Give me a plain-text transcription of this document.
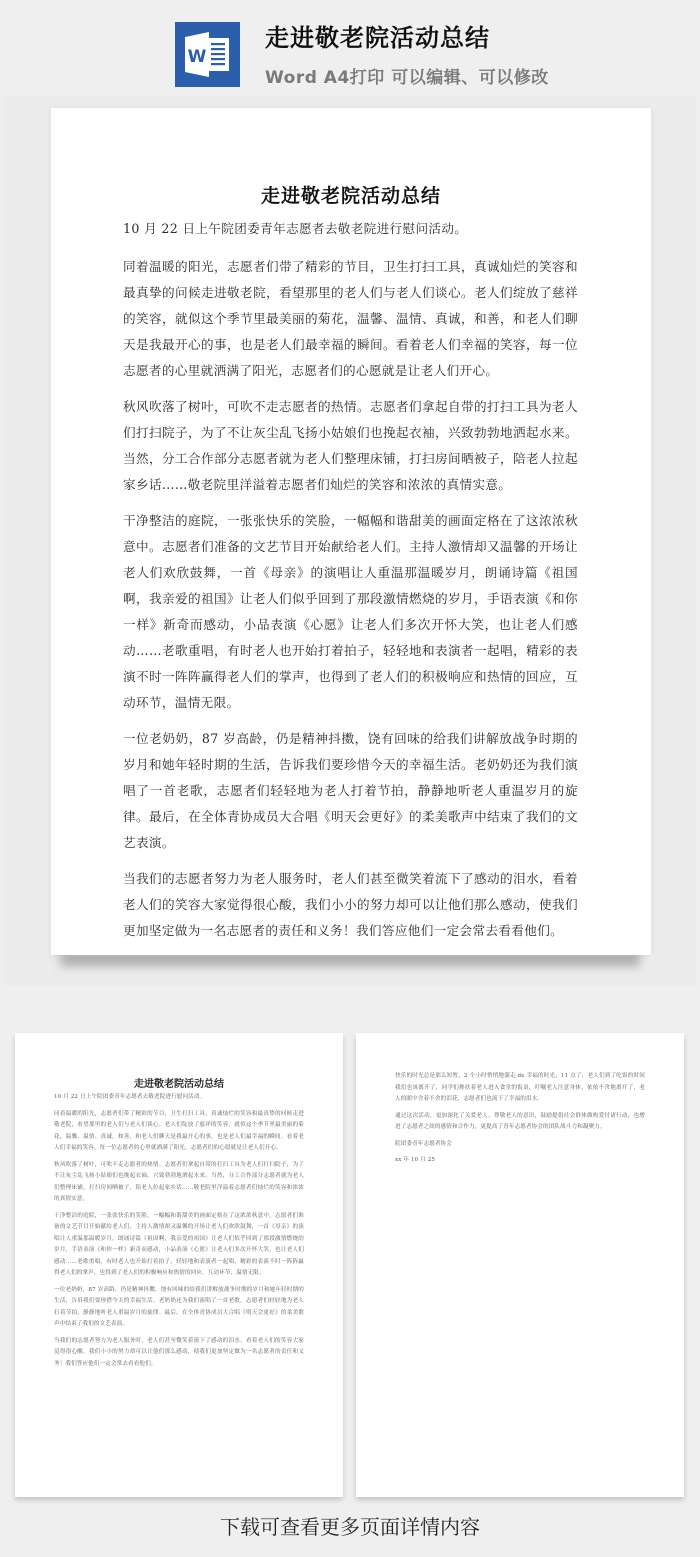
W
走进敬老院活动总结
Word A4打印 可以编辑、可以修改
走进敬老院活动总结

10 月 22 日上午院团委青年志愿者去敬老院进行慰问活动。

同着温暖的阳光，志愿者们带了精彩的节目，卫生打扫工具，真诚灿烂的笑容和最真挚的问候走进敬老院，看望那里的老人们与老人们谈心。老人们绽放了慈祥的笑容，就似这个季节里最美丽的菊花，温馨、温情、真诚，和善，和老人们聊天是我最开心的事，也是老人们最幸福的瞬间。看着老人们幸福的笑容，每一位志愿者的心里就洒满了阳光，志愿者们的心愿就是让老人们开心。

秋风吹落了树叶，可吹不走志愿者的热情。志愿者们拿起自带的打扫工具为老人们打扫院子，为了不让灰尘乱飞扬小姑娘们也挽起衣袖，兴致勃勃地洒起水来。当然，分工合作部分志愿者就为老人们整理床铺，打扫房间晒被子，陪老人拉起家乡话……敬老院里洋溢着志愿者们灿烂的笑容和浓浓的真情实意。

干净整洁的庭院，一张张快乐的笑脸，一幅幅和谐甜美的画面定格在了这浓浓秋意中。志愿者们准备的文艺节目开始献给老人们。主持人激情却又温馨的开场让老人们欢欣鼓舞，一首《母亲》的演唱让人重温那温暖岁月，朗诵诗篇《祖国啊，我亲爱的祖国》让老人们似乎回到了那段激情燃烧的岁月，手语表演《和你一样》新奇而感动，小品表演《心愿》让老人们多次开怀大笑，也让老人们感动……老歌重唱，有时老人也开始打着拍子，轻轻地和表演者一起唱，精彩的表演不时一阵阵赢得老人们的掌声，也得到了老人们的积极响应和热情的回应，互动环节，温情无限。

一位老奶奶，87 岁高龄，仍是精神抖擞，饶有回味的给我们讲解放战争时期的岁月和她年轻时期的生活，告诉我们要珍惜今天的幸福生活。老奶奶还为我们演唱了一首老歌，志愿者们轻轻地为老人打着节拍，静静地听老人重温岁月的旋律。最后，在全体青协成员大合唱《明天会更好》的柔美歌声中结束了我们的文艺表演。

当我们的志愿者努力为老人服务时，老人们甚至微笑着流下了感动的泪水，看着老人们的笑容大家觉得很心酸，我们小小的努力却可以让他们那么感动，使我们更加坚定做为一名志愿者的责任和义务！我们答应他们一定会常去看看他们。

走进敬老院活动总结

10 月 22 日上午院团委青年志愿者去敬老院进行慰问活动。

同着温暖的阳光，志愿者们带了精彩的节目，卫生打扫工具，真诚灿烂的笑容和最真挚的问候走进敬老院，看望那里的老人们与老人们谈心。老人们绽放了慈祥的笑容，就似这个季节里最美丽的菊花，温馨、温情、真诚，和善，和老人们聊天是我最开心的事，也是老人们最幸福的瞬间。看着老人们幸福的笑容，每一位志愿者的心里就洒满了阳光，志愿者们的心愿就是让老人们开心。

秋风吹落了树叶，可吹不走志愿者的热情。志愿者们拿起自带的打扫工具为老人们打扫院子，为了不让灰尘乱飞扬小姑娘们也挽起衣袖，兴致勃勃地洒起水来。当然，分工合作部分志愿者就为老人们整理床铺，打扫房间晒被子，陪老人拉起家乡话……敬老院里洋溢着志愿者们灿烂的笑容和浓浓的真情实意。

干净整洁的庭院，一张张快乐的笑脸，一幅幅和谐甜美的画面定格在了这浓浓秋意中。志愿者们准备的文艺节目开始献给老人们。主持人激情却又温馨的开场让老人们欢欣鼓舞，一首《母亲》的演唱让人重温那温暖岁月，朗诵诗篇《祖国啊，我亲爱的祖国》让老人们似乎回到了那段激情燃烧的岁月，手语表演《和你一样》新奇而感动，小品表演《心愿》让老人们多次开怀大笑，也让老人们感动……老歌重唱，有时老人也开始打着拍子，轻轻地和表演者一起唱，精彩的表演不时一阵阵赢得老人们的掌声，也得到了老人们的积极响应和热情的回应，互动环节，温情无限。

一位老奶奶，87 岁高龄，仍是精神抖擞，饶有回味的给我们讲解放战争时期的岁月和她年轻时期的生活，告诉我们要珍惜今天的幸福生活。老奶奶还为我们演唱了一首老歌，志愿者们轻轻地为老人打着节拍，静静地听老人重温岁月的旋律。最后，在全体青协成员大合唱《明天会更好》的柔美歌声中结束了我们的文艺表演。

当我们的志愿者努力为老人服务时，老人们甚至微笑着流下了感动的泪水，看着老人们的笑容大家觉得很心酸，我们小小的努力却可以让他们那么感动，使我们更加坚定做为一名志愿者的责任和义务！我们答应他们一定会常去看看他们。

快乐的时光总是那么短暂，2 个小时悄悄地溜走 de 幸福的时光，11 点了，老人们到了吃饭的时间我们也该离开了，同学们搀扶着老人进入食堂的饭桌，叮嘱老人注意身体，依依不舍地离开了，老人的眼中含着不舍的泪花，志愿者们也流下了幸福的泪水。

通过这次活动，更加深化了关爱老人，尊敬老人的意识，鼓励提倡社会群体做构爱付诸行动，也增进了志愿者之间的感情和合作力，更提高了青年志愿者协会的团队战斗力和凝聚力。

院团委青年志愿者协会

xx 年 10 月 25

下载可查看更多页面详情内容
